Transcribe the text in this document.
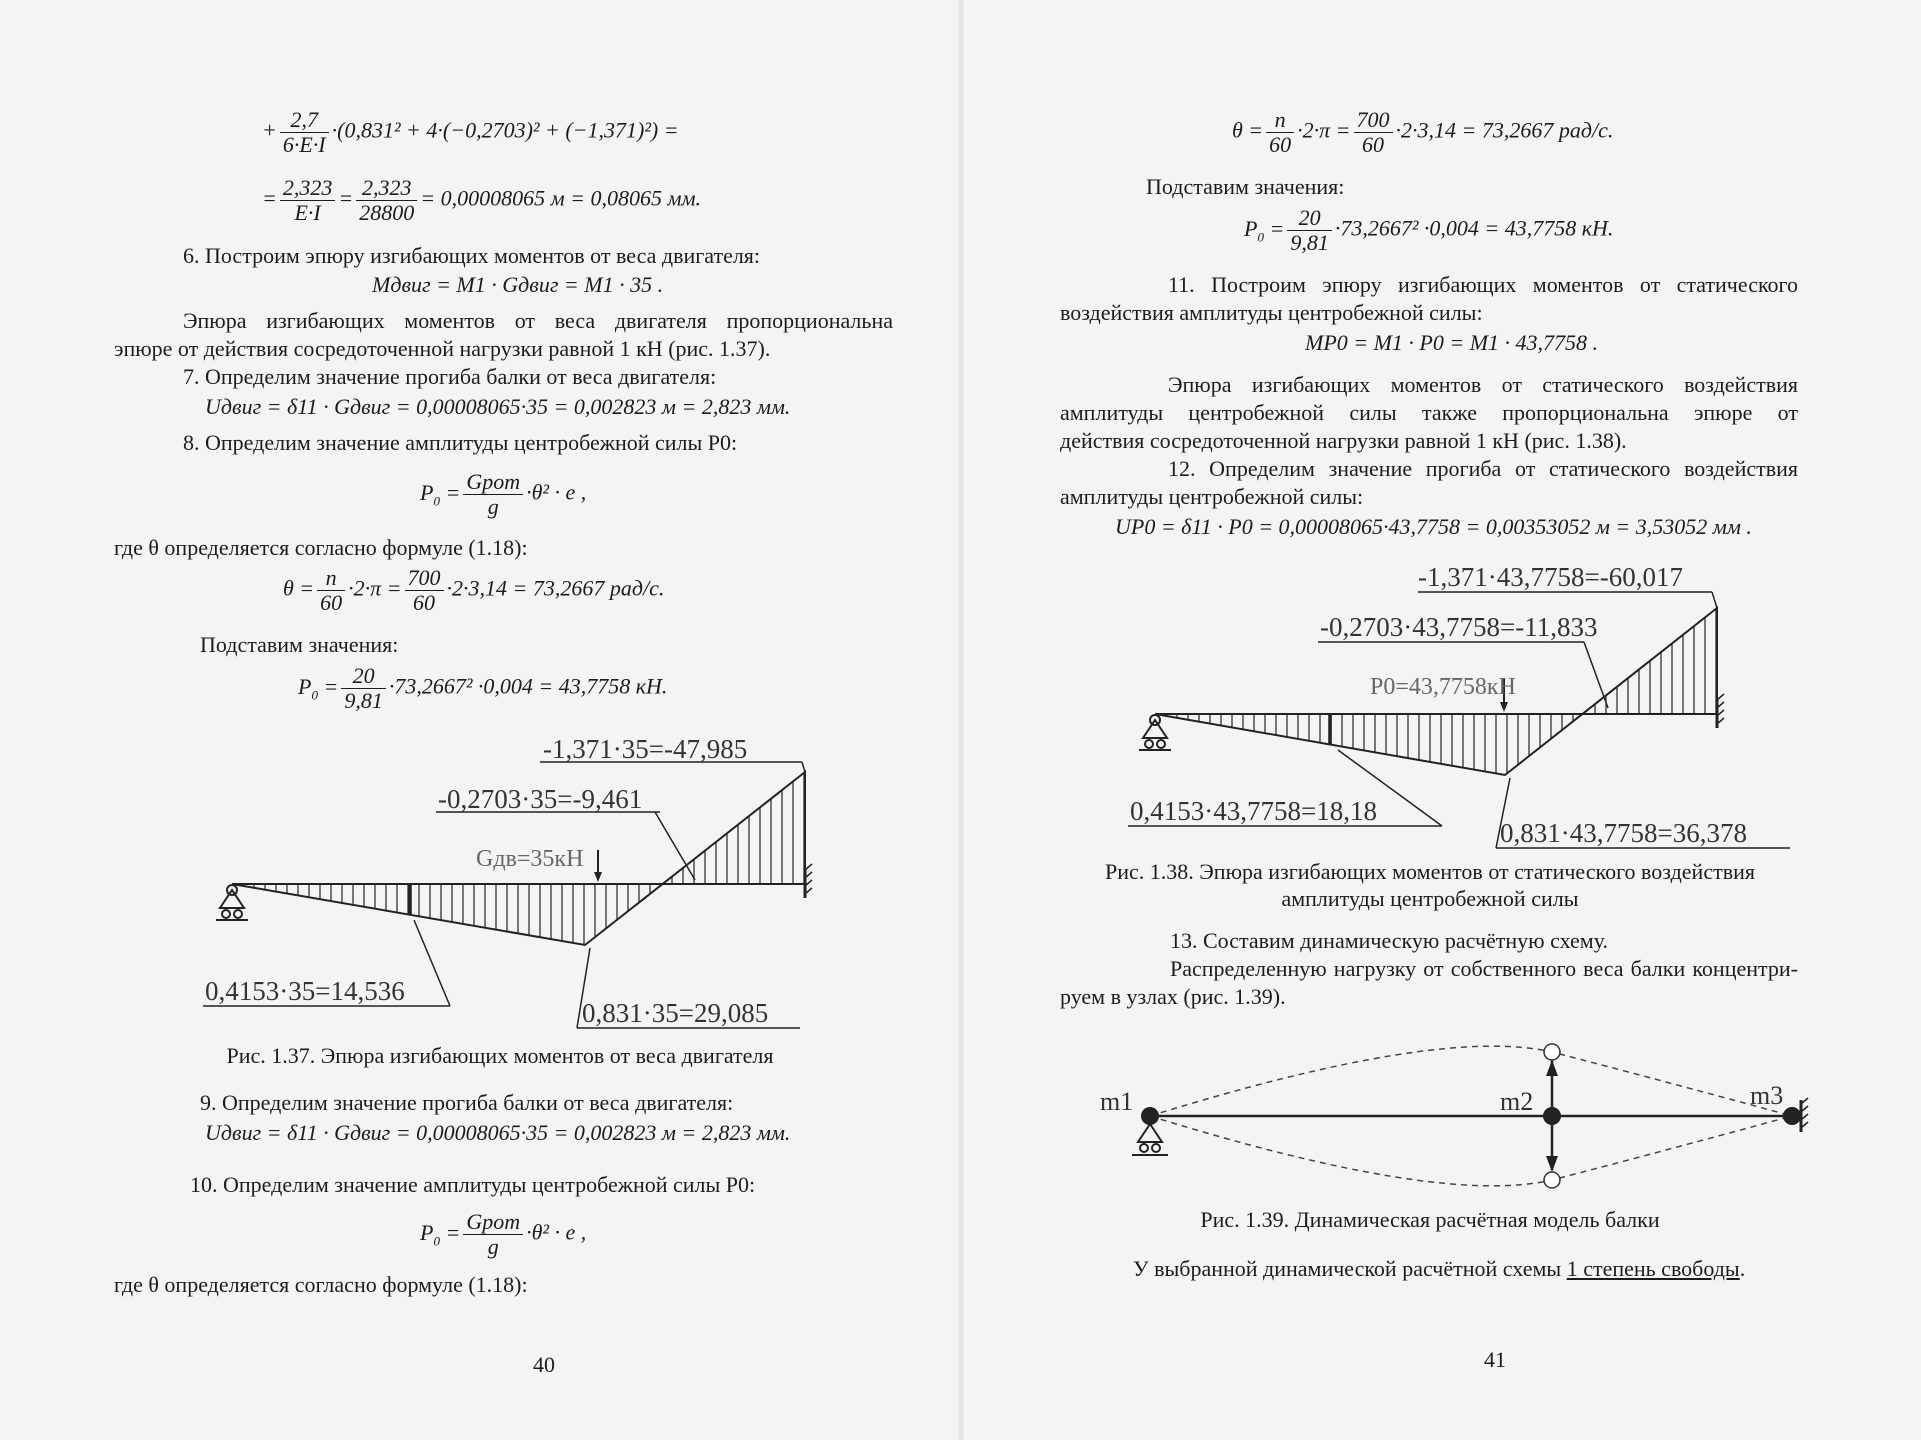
+ $\frac{2,7}{6\cdot E\cdot I} \cdot(0,831^2 + 4\cdot(-0,2703)^2 + (-1,371)^2)$ =
= $\frac{2,323}{E\cdot I} = \frac{2,323}{28800} = 0,00008065$ м = 0,08065 мм.
6. Построим эпюру изгибающих моментов от веса двигателя:
Mдвиг = M1 · Gдвиг = M1 · 35 .
Эпюра изгибающих моментов от веса двигателя пропорциональна
эпюре от действия сосредоточенной нагрузки равной 1 кН (рис. 1.37).
7. Определим значение прогиба балки от веса двигателя:
Uдвиг = δ11 · Gдвиг = 0,00008065·35 = 0,002823 м = 2,823 мм.
8. Определим значение амплитуды центробежной силы P0:
$P_0 = \frac{\text{Gрот}}{g} \cdot\theta^2 \cdot e$ ,
где θ определяется согласно формуле (1.18):
$\theta = \frac{n}{60} \cdot 2\cdot\pi = \frac{700}{60} \cdot 2\cdot 3,14 = 73,2667$ рад/с.
Подставим значения:
$P_0 = \frac{20}{9,81} \cdot 73,2667^2 \cdot 0,004 = 43,7758$ кН.
-1,371·35=-47,985
-0,2703·35=-9,461
Gдв=35кН
0,4153·35=14,536
0,831·35=29,085
Рис. 1.37. Эпюра изгибающих моментов от веса двигателя
9. Определим значение прогиба балки от веса двигателя:
Uдвиг = δ11 · Gдвиг = 0,00008065·35 = 0,002823 м = 2,823 мм.
10. Определим значение амплитуды центробежной силы P0:
$P_0 = \frac{\text{Gрот}}{g} \cdot\theta^2 \cdot e$ ,
где θ определяется согласно формуле (1.18):
40
$\theta = \frac{n}{60} \cdot 2\cdot\pi = \frac{700}{60} \cdot 2\cdot 3,14 = 73,2667$ рад/с.
Подставим значения:
$P_0 = \frac{20}{9,81} \cdot 73,2667^2 \cdot 0,004 = 43,7758$ кН.
11. Построим эпюру изгибающих моментов от статического
воздействия амплитуды центробежной силы:
MP0 = M1 · P0 = M1 · 43,7758 .
Эпюра изгибающих моментов от статического воздействия
амплитуды центробежной силы также пропорциональна эпюре от
действия сосредоточенной нагрузки равной 1 кН (рис. 1.38).
12. Определим значение прогиба от статического воздействия
амплитуды центробежной силы:
UP0 = δ11 · P0 = 0,00008065·43,7758 = 0,00353052 м = 3,53052 мм .
-1,371·43,7758=-60,017
-0,2703·43,7758=-11,833
P0=43,7758кН
0,4153·43,7758=18,18
0,831·43,7758=36,378
Рис. 1.38. Эпюра изгибающих моментов от статического воздействия
амплитуды центробежной силы
13. Составим динамическую расчётную схему.
Распределенную нагрузку от собственного веса балки концентри-
руем в узлах (рис. 1.39).
m1	m2	m3
Рис. 1.39. Динамическая расчётная модель балки
У выбранной динамической расчётной схемы 1 степень свободы.
41
